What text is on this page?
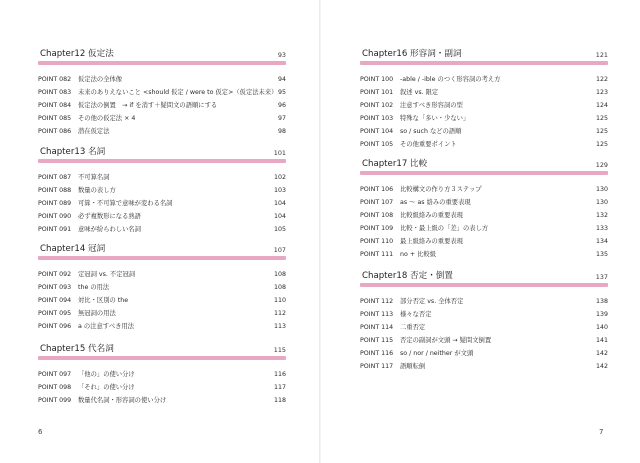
Chapter12 仮定法	93
POINT 082 仮定法の全体像	94
POINT 083 未来のありえないこと <should 仮定 / were to 仮定>（仮定法未来） 95
POINT 084 仮定法の倒置　→ if を消す＋疑問文の語順にする	96
POINT 085 その他の仮定法 × 4	97
POINT 086 潜在仮定法	98
Chapter13 名詞	101
POINT 087 不可算名詞	102
POINT 088 数量の表し方	103
POINT 089 可算・不可算で意味が変わる名詞	104
POINT 090 必ず複数形になる熟語	104
POINT 091 意味が紛らわしい名詞	105
Chapter14 冠詞	107
POINT 092 定冠詞 vs. 不定冠詞	108
POINT 093 the の用法	108
POINT 094 対比・区別の the	110
POINT 095 無冠詞の用法	112
POINT 096 a の注意すべき用法	113
Chapter15 代名詞	115
POINT 097 「他の」の使い分け	116
POINT 098 「それ」の使い分け	117
POINT 099 数量代名詞・形容詞の使い分け	118
Chapter16 形容詞・副詞	121
POINT 100 -able / -ible のつく形容詞の考え方	122
POINT 101 叙述 vs. 限定	123
POINT 102 注意すべき形容詞の型	124
POINT 103 特殊な「多い・少ない」	125
POINT 104 so / such などの語順	125
POINT 105 その他重要ポイント	125
Chapter17 比較	129
POINT 106 比較構文の作り方３ステップ	130
POINT 107 as 〜 as 絡みの重要表現	130
POINT 108 比較級絡みの重要表現	132
POINT 109 比較・最上級の「差」の表し方	133
POINT 110 最上級絡みの重要表現	134
POINT 111 no + 比較級	135
Chapter18 否定・倒置	137
POINT 112 部分否定 vs. 全体否定	138
POINT 113 様々な否定	139
POINT 114 二重否定	140
POINT 115 否定の副詞が文頭 → 疑問文倒置	141
POINT 116 so / nor / neither が文頭	142
POINT 117 語順転倒	142
6	7
